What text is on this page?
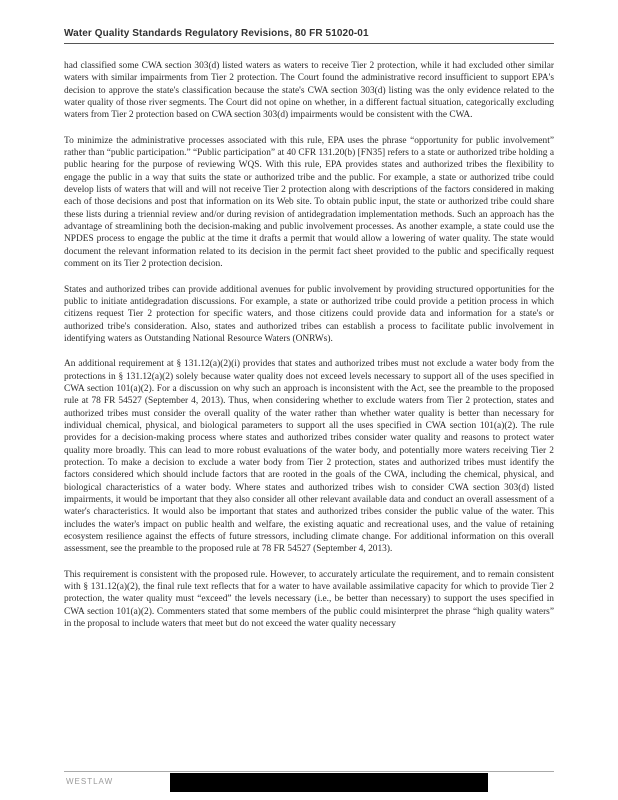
Water Quality Standards Regulatory Revisions, 80 FR 51020-01

had classified some CWA section 303(d) listed waters as waters to receive Tier 2 protection, while it had excluded other similar waters with similar impairments from Tier 2 protection. The Court found the administrative record insufficient to support EPA's decision to approve the state's classification because the state's CWA section 303(d) listing was the only evidence related to the water quality of those river segments. The Court did not opine on whether, in a different factual situation, categorically excluding waters from Tier 2 protection based on CWA section 303(d) impairments would be consistent with the CWA.

To minimize the administrative processes associated with this rule, EPA uses the phrase “opportunity for public involvement” rather than “public participation.” “Public participation” at 40 CFR 131.20(b) [FN35] refers to a state or authorized tribe holding a public hearing for the purpose of reviewing WQS. With this rule, EPA provides states and authorized tribes the flexibility to engage the public in a way that suits the state or authorized tribe and the public. For example, a state or authorized tribe could develop lists of waters that will and will not receive Tier 2 protection along with descriptions of the factors considered in making each of those decisions and post that information on its Web site. To obtain public input, the state or authorized tribe could share these lists during a triennial review and/or during revision of antidegradation implementation methods. Such an approach has the advantage of streamlining both the decision-making and public involvement processes. As another example, a state could use the NPDES process to engage the public at the time it drafts a permit that would allow a lowering of water quality. The state would document the relevant information related to its decision in the permit fact sheet provided to the public and specifically request comment on its Tier 2 protection decision.

States and authorized tribes can provide additional avenues for public involvement by providing structured opportunities for the public to initiate antidegradation discussions. For example, a state or authorized tribe could provide a petition process in which citizens request Tier 2 protection for specific waters, and those citizens could provide data and information for a state's or authorized tribe's consideration. Also, states and authorized tribes can establish a process to facilitate public involvement in identifying waters as Outstanding National Resource Waters (ONRWs).

An additional requirement at § 131.12(a)(2)(i) provides that states and authorized tribes must not exclude a water body from the protections in § 131.12(a)(2) solely because water quality does not exceed levels necessary to support all of the uses specified in CWA section 101(a)(2). For a discussion on why such an approach is inconsistent with the Act, see the preamble to the proposed rule at 78 FR 54527 (September 4, 2013). Thus, when considering whether to exclude waters from Tier 2 protection, states and authorized tribes must consider the overall quality of the water rather than whether water quality is better than necessary for individual chemical, physical, and biological parameters to support all the uses specified in CWA section 101(a)(2). The rule provides for a decision-making process where states and authorized tribes consider water quality and reasons to protect water quality more broadly. This can lead to more robust evaluations of the water body, and potentially more waters receiving Tier 2 protection. To make a decision to exclude a water body from Tier 2 protection, states and authorized tribes must identify the factors considered which should include factors that are rooted in the goals of the CWA, including the chemical, physical, and biological characteristics of a water body. Where states and authorized tribes wish to consider CWA section 303(d) listed impairments, it would be important that they also consider all other relevant available data and conduct an overall assessment of a water's characteristics. It would also be important that states and authorized tribes consider the public value of the water. This includes the water's impact on public health and welfare, the existing aquatic and recreational uses, and the value of retaining ecosystem resilience against the effects of future stressors, including climate change. For additional information on this overall assessment, see the preamble to the proposed rule at 78 FR 54527 (September 4, 2013).

This requirement is consistent with the proposed rule. However, to accurately articulate the requirement, and to remain consistent with § 131.12(a)(2), the final rule text reflects that for a water to have available assimilative capacity for which to provide Tier 2 protection, the water quality must “exceed” the levels necessary (i.e., be better than necessary) to support the uses specified in CWA section 101(a)(2). Commenters stated that some members of the public could misinterpret the phrase “high quality waters” in the proposal to include waters that meet but do not exceed the water quality necessary

WESTLAW
